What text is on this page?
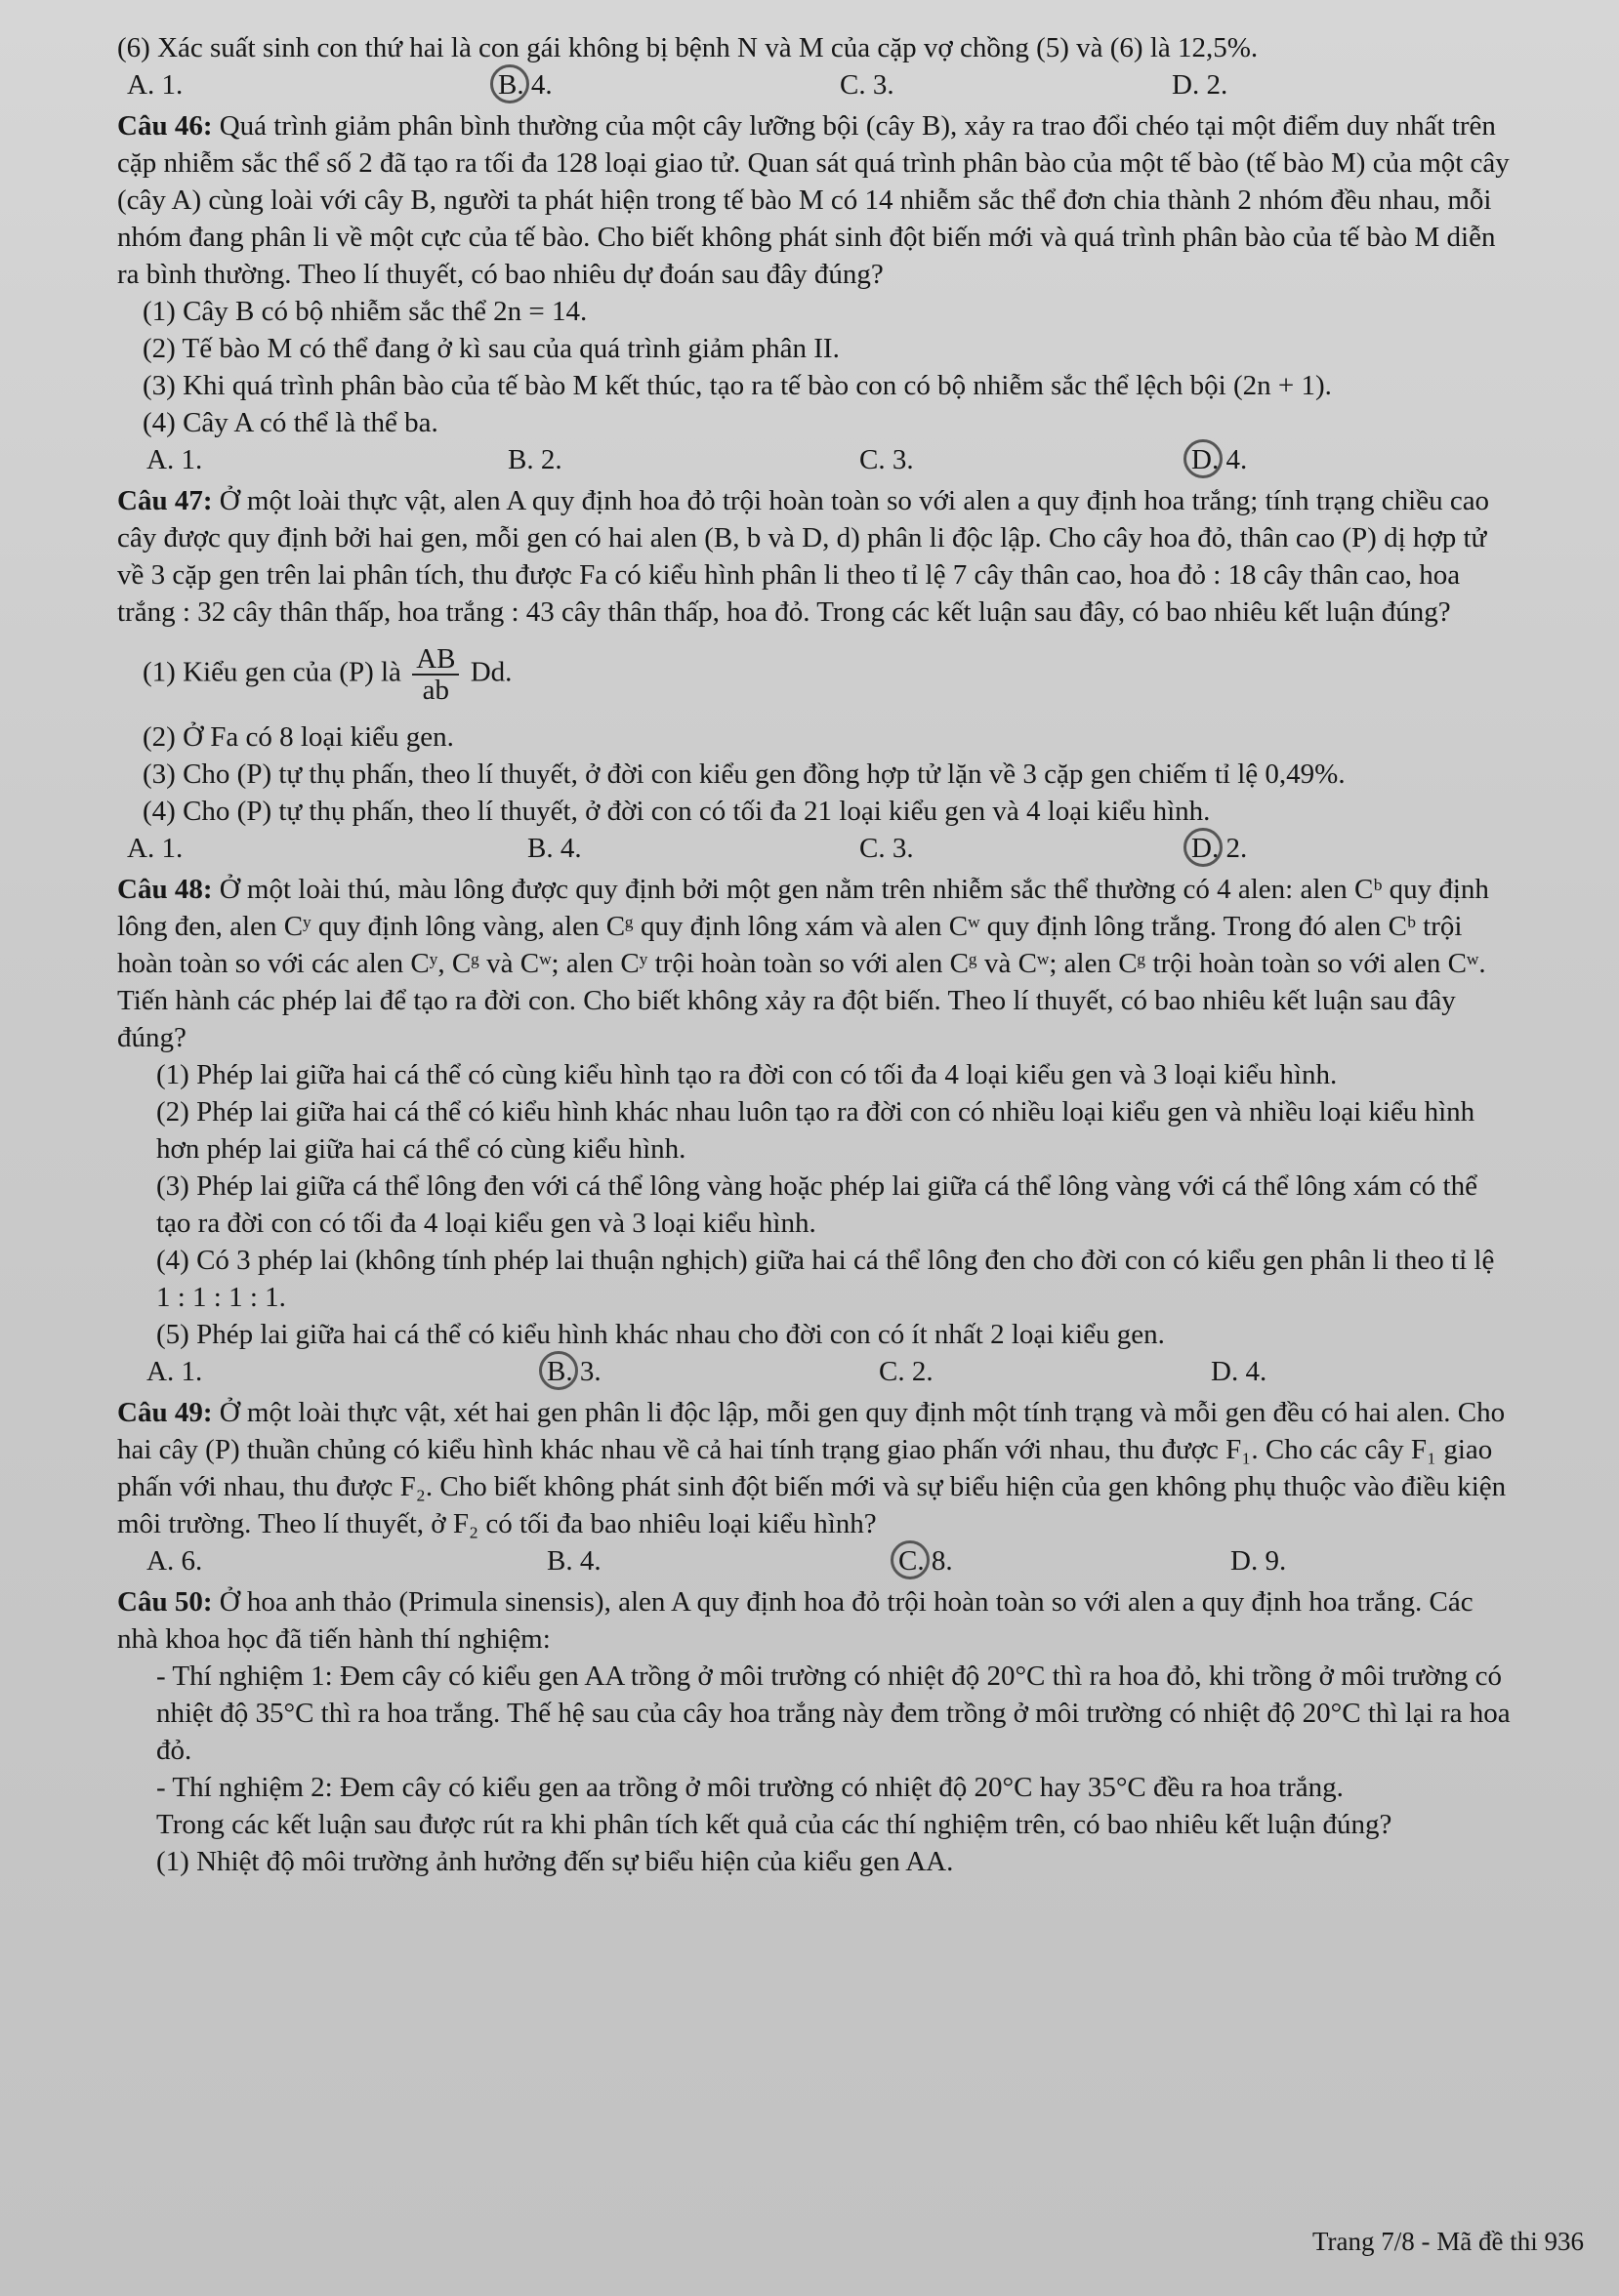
(6) Xác suất sinh con thứ hai là con gái không bị bệnh N và M của cặp vợ chồng (5) và (6) là 12,5%.

A. 1.	B. 4.	C. 3.	D. 2.

Câu 46: Quá trình giảm phân bình thường của một cây lưỡng bội (cây B), xảy ra trao đổi chéo tại một điểm duy nhất trên cặp nhiễm sắc thể số 2 đã tạo ra tối đa 128 loại giao tử. Quan sát quá trình phân bào của một tế bào (tế bào M) của một cây (cây A) cùng loài với cây B, người ta phát hiện trong tế bào M có 14 nhiễm sắc thể đơn chia thành 2 nhóm đều nhau, mỗi nhóm đang phân li về một cực của tế bào. Cho biết không phát sinh đột biến mới và quá trình phân bào của tế bào M diễn ra bình thường. Theo lí thuyết, có bao nhiêu dự đoán sau đây đúng?

(1) Cây B có bộ nhiễm sắc thể 2n = 14.

(2) Tế bào M có thể đang ở kì sau của quá trình giảm phân II.

(3) Khi quá trình phân bào của tế bào M kết thúc, tạo ra tế bào con có bộ nhiễm sắc thể lệch bội (2n + 1).

(4) Cây A có thể là thể ba.

A. 1.	B. 2.	C. 3.	D. 4.

Câu 47: Ở một loài thực vật, alen A quy định hoa đỏ trội hoàn toàn so với alen a quy định hoa trắng; tính trạng chiều cao cây được quy định bởi hai gen, mỗi gen có hai alen (B, b và D, d) phân li độc lập. Cho cây hoa đỏ, thân cao (P) dị hợp tử về 3 cặp gen trên lai phân tích, thu được Fa có kiểu hình phân li theo tỉ lệ 7 cây thân cao, hoa đỏ : 18 cây thân cao, hoa trắng : 32 cây thân thấp, hoa trắng : 43 cây thân thấp, hoa đỏ. Trong các kết luận sau đây, có bao nhiêu kết luận đúng?

(1) Kiểu gen của (P) là $\frac{AB}{ab} Dd$.

(2) Ở Fa có 8 loại kiểu gen.

(3) Cho (P) tự thụ phấn, theo lí thuyết, ở đời con kiểu gen đồng hợp tử lặn về 3 cặp gen chiếm tỉ lệ 0,49%.

(4) Cho (P) tự thụ phấn, theo lí thuyết, ở đời con có tối đa 21 loại kiểu gen và 4 loại kiểu hình.

A. 1.	B. 4.	C. 3.	D. 2.

Câu 48: Ở một loài thú, màu lông được quy định bởi một gen nằm trên nhiễm sắc thể thường có 4 alen: alen Cᵇ quy định lông đen, alen Cʸ quy định lông vàng, alen Cᵍ quy định lông xám và alen Cʷ quy định lông trắng. Trong đó alen Cᵇ trội hoàn toàn so với các alen Cʸ, Cᵍ và Cʷ; alen Cʸ trội hoàn toàn so với alen Cᵍ và Cʷ; alen Cᵍ trội hoàn toàn so với alen Cʷ. Tiến hành các phép lai để tạo ra đời con. Cho biết không xảy ra đột biến. Theo lí thuyết, có bao nhiêu kết luận sau đây đúng?

(1) Phép lai giữa hai cá thể có cùng kiểu hình tạo ra đời con có tối đa 4 loại kiểu gen và 3 loại kiểu hình.

(2) Phép lai giữa hai cá thể có kiểu hình khác nhau luôn tạo ra đời con có nhiều loại kiểu gen và nhiều loại kiểu hình hơn phép lai giữa hai cá thể có cùng kiểu hình.

(3) Phép lai giữa cá thể lông đen với cá thể lông vàng hoặc phép lai giữa cá thể lông vàng với cá thể lông xám có thể tạo ra đời con có tối đa 4 loại kiểu gen và 3 loại kiểu hình.

(4) Có 3 phép lai (không tính phép lai thuận nghịch) giữa hai cá thể lông đen cho đời con có kiểu gen phân li theo tỉ lệ 1 : 1 : 1 : 1.

(5) Phép lai giữa hai cá thể có kiểu hình khác nhau cho đời con có ít nhất 2 loại kiểu gen.

A. 1.	B. 3.	C. 2.	D. 4.

Câu 49: Ở một loài thực vật, xét hai gen phân li độc lập, mỗi gen quy định một tính trạng và mỗi gen đều có hai alen. Cho hai cây (P) thuần chủng có kiểu hình khác nhau về cả hai tính trạng giao phấn với nhau, thu được F₁. Cho các cây F₁ giao phấn với nhau, thu được F₂. Cho biết không phát sinh đột biến mới và sự biểu hiện của gen không phụ thuộc vào điều kiện môi trường. Theo lí thuyết, ở F₂ có tối đa bao nhiêu loại kiểu hình?

A. 6.	B. 4.	C. 8.	D. 9.

Câu 50: Ở hoa anh thảo (Primula sinensis), alen A quy định hoa đỏ trội hoàn toàn so với alen a quy định hoa trắng. Các nhà khoa học đã tiến hành thí nghiệm:

- Thí nghiệm 1: Đem cây có kiểu gen AA trồng ở môi trường có nhiệt độ 20°C thì ra hoa đỏ, khi trồng ở môi trường có nhiệt độ 35°C thì ra hoa trắng. Thế hệ sau của cây hoa trắng này đem trồng ở môi trường có nhiệt độ 20°C thì lại ra hoa đỏ.

- Thí nghiệm 2: Đem cây có kiểu gen aa trồng ở môi trường có nhiệt độ 20°C hay 35°C đều ra hoa trắng.

Trong các kết luận sau được rút ra khi phân tích kết quả của các thí nghiệm trên, có bao nhiêu kết luận đúng?

(1) Nhiệt độ môi trường ảnh hưởng đến sự biểu hiện của kiểu gen AA.

Trang 7/8 - Mã đề thi 936
